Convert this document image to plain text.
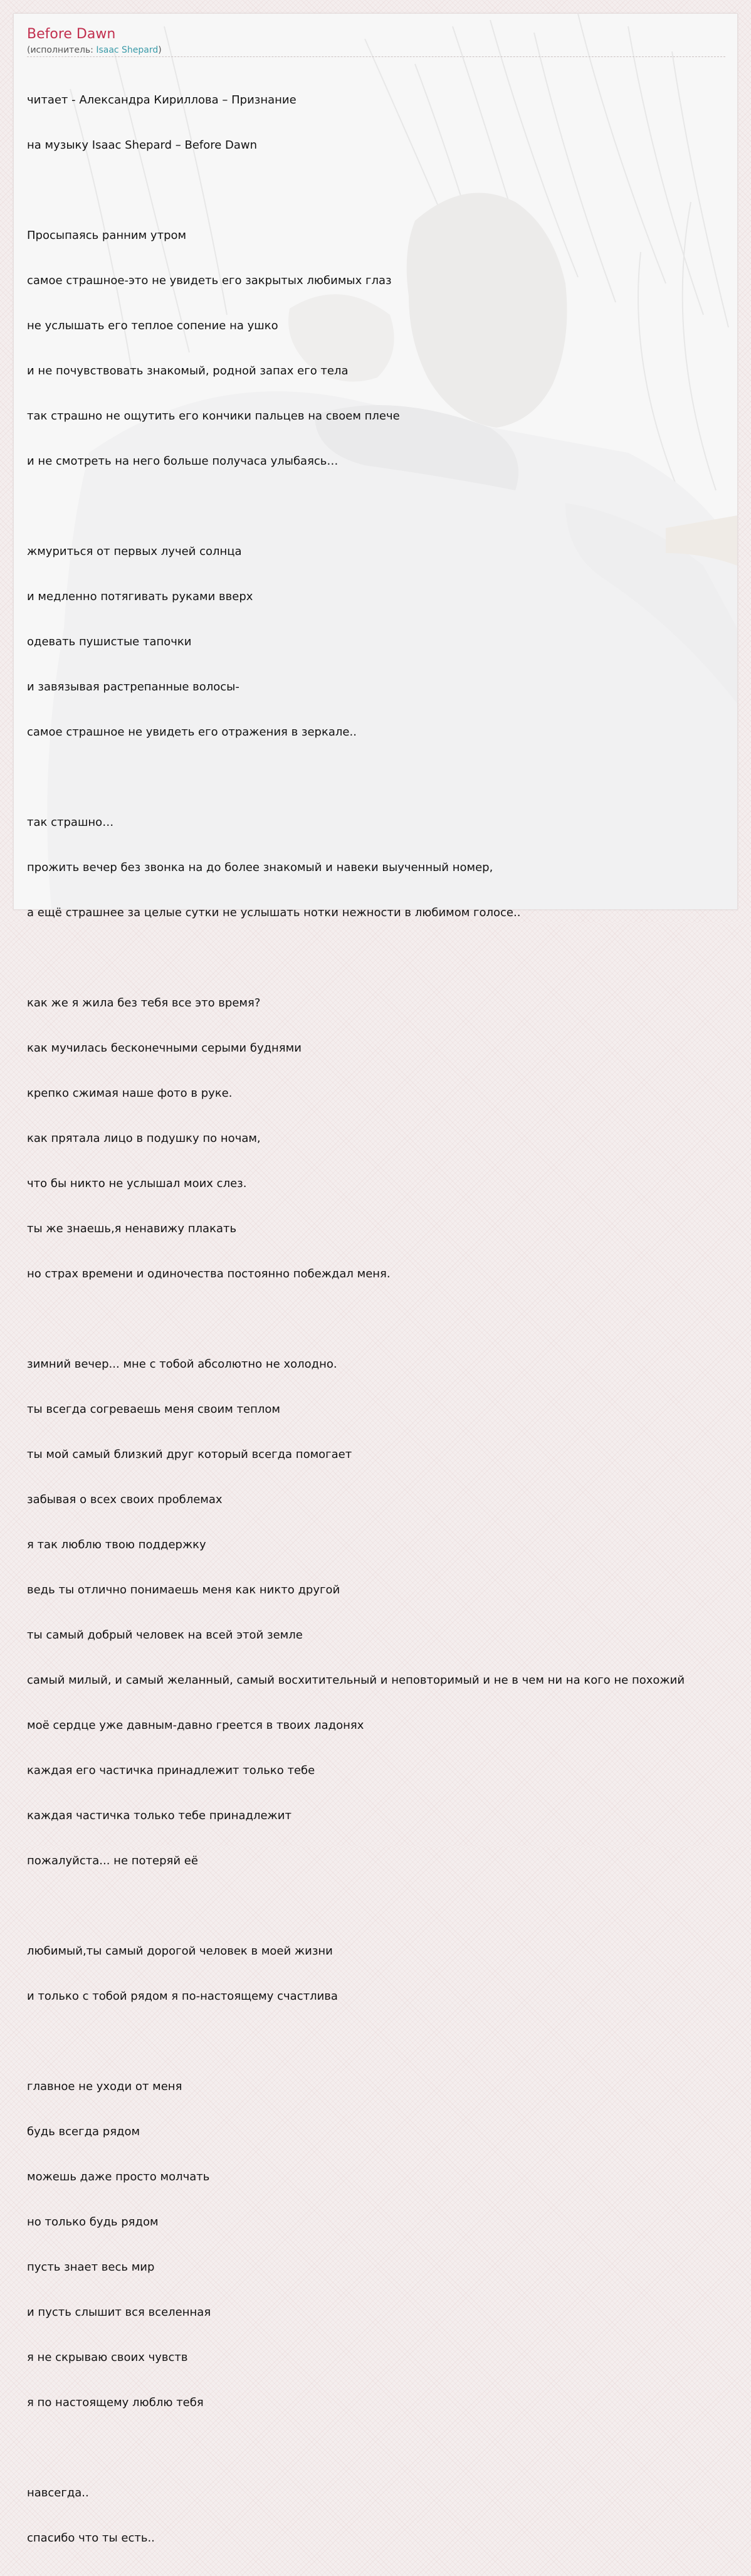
Before Dawn
(исполнитель: Isaac Shepard)

читает - Александра Кириллова – Признание

на музыку Isaac Shepard – Before Dawn

Просыпаясь ранним утром

самое страшное-это не увидеть его закрытых любимых глаз

не услышать его теплое сопение на ушко

и не почувствовать знакомый, родной запах его тела

так страшно не ощутить его кончики пальцев на своем плече

и не смотреть на него больше получаса улыбаясь…

жмуриться от первых лучей солнца

и медленно потягивать руками вверх

одевать пушистые тапочки

и завязывая растрепанные волосы-

самое страшное не увидеть его отражения в зеркале..

так страшно…

прожить вечер без звонка на до более знакомый и навеки выученный номер,

а ещё страшнее за целые сутки не услышать нотки нежности в любимом голосе..

как же я жила без тебя все это время?

как мучилась бесконечными серыми буднями

крепко сжимая наше фото в руке.

как прятала лицо в подушку по ночам,

что бы никто не услышал моих слез.

ты же знаешь,я ненавижу плакать

но страх времени и одиночества постоянно побеждал меня.

зимний вечер... мне с тобой абсолютно не холодно.

ты всегда согреваешь меня своим теплом

ты мой самый близкий друг который всегда помогает

забывая о всех своих проблемах

я так люблю твою поддержку

ведь ты отлично понимаешь меня как никто другой

ты самый добрый человек на всей этой земле

самый милый, и самый желанный, самый восхитительный и неповторимый и не в чем ни на кого не похожий

моё сердце уже давным-давно греется в твоих ладонях

каждая его частичка принадлежит только тебе

каждая частичка только тебе принадлежит

пожалуйста... не потеряй её

любимый,ты самый дорогой человек в моей жизни

и только с тобой рядом я по-настоящему счастлива

главное не уходи от меня

будь всегда рядом

можешь даже просто молчать

но только будь рядом

пусть знает весь мир

и пусть слышит вся вселенная

я не скрываю своих чувств

я по настоящему люблю тебя

навсегда..

спасибо что ты есть..
